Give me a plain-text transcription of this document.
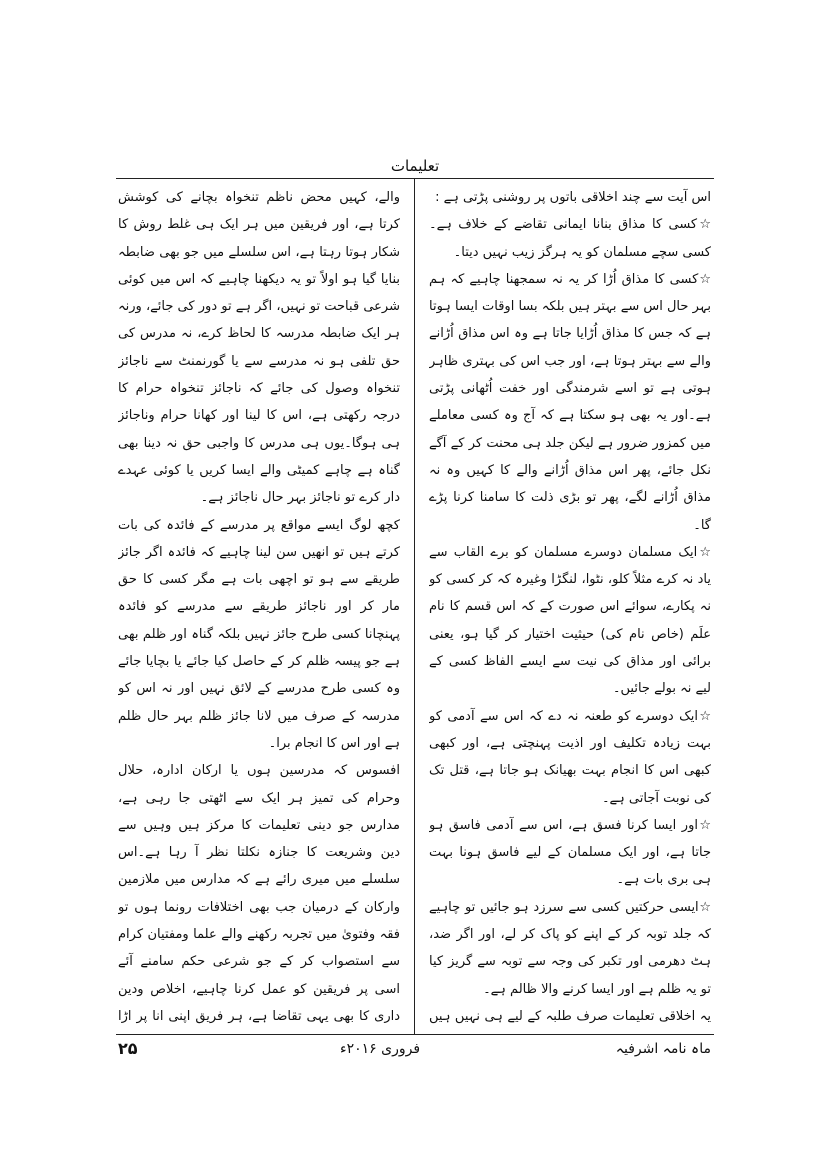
تعلیمات

اس آیت سے چند اخلاقی باتوں پر روشنی پڑتی ہے :

☆کسی کا مذاق بنانا ایمانی تقاضے کے خلاف ہے۔کسی سچے مسلمان کو یہ ہرگز زیب نہیں دیتا۔

☆کسی کا مذاق اُڑا کر یہ نہ سمجھنا چاہیے کہ ہم بہر حال اس سے بہتر ہیں بلکہ بسا اوقات ایسا ہوتا ہے کہ جس کا مذاق اُڑایا جاتا ہے وہ اس مذاق اُڑانے والے سے بہتر ہوتا ہے، اور جب اس کی بہتری ظاہر ہوتی ہے تو اسے شرمندگی اور خفت اُٹھانی پڑتی ہے۔اور یہ بھی ہو سکتا ہے کہ آج وہ کسی معاملے میں کمزور ضرور ہے لیکن جلد ہی محنت کر کے آگے نکل جائے، پھر اس مذاق اُڑانے والے کا کہیں وہ نہ مذاق اُڑانے لگے، پھر تو بڑی ذلت کا سامنا کرنا پڑے گا۔

☆ایک مسلمان دوسرے مسلمان کو برے القاب سے یاد نہ کرے مثلاً کلو، نٹوا، لنگڑا وغیرہ کہ کر کسی کو نہ پکارے، سوائے اس صورت کے کہ اس قسم کا نام علَم (خاص نام کی) حیثیت اختیار کر گیا ہو، یعنی برائی اور مذاق کی نیت سے ایسے الفاظ کسی کے لیے نہ بولے جائیں۔

☆ایک دوسرے کو طعنہ نہ دے کہ اس سے آدمی کو بہت زیادہ تکلیف اور اذیت پہنچتی ہے، اور کبھی کبھی اس کا انجام بہت بھیانک ہو جاتا ہے، قتل تک کی نوبت آجاتی ہے۔

☆اور ایسا کرنا فسق ہے، اس سے آدمی فاسق ہو جاتا ہے، اور ایک مسلمان کے لیے فاسق ہونا بہت ہی بری بات ہے۔

☆ایسی حرکتیں کسی سے سرزد ہو جائیں تو چاہیے کہ جلد توبہ کر کے اپنے کو پاک کر لے، اور اگر ضد، ہٹ دھرمی اور تکبر کی وجہ سے توبہ سے گریز کیا تو یہ ظلم ہے اور ایسا کرنے والا ظالم ہے۔

یہ اخلاقی تعلیمات صرف طلبہ کے لیے ہی نہیں ہیں

والے، کہیں محض ناظم تنخواہ بچانے کی کوشش کرتا ہے، اور فریقین میں ہر ایک ہی غلط روش کا شکار ہوتا رہتا ہے، اس سلسلے میں جو بھی ضابطہ بنایا گیا ہو اولاً تو یہ دیکھنا چاہیے کہ اس میں کوئی شرعی قباحت تو نہیں، اگر ہے تو دور کی جائے، ورنہ ہر ایک ضابطہ مدرسہ کا لحاظ کرے، نہ مدرس کی حق تلفی ہو نہ مدرسے سے یا گورنمنٹ سے ناجائز تنخواہ وصول کی جائے کہ ناجائز تنخواہ حرام کا درجہ رکھتی ہے، اس کا لینا اور کھانا حرام وناجائز ہی ہوگا۔یوں ہی مدرس کا واجبی حق نہ دینا بھی گناہ ہے چاہے کمیٹی والے ایسا کریں یا کوئی عہدے دار کرے تو ناجائز بہر حال ناجائز ہے۔

کچھ لوگ ایسے مواقع پر مدرسے کے فائدہ کی بات کرتے ہیں تو انھیں سن لینا چاہیے کہ فائدہ اگر جائز طریقے سے ہو تو اچھی بات ہے مگر کسی کا حق مار کر اور ناجائز طریقے سے مدرسے کو فائدہ پہنچانا کسی طرح جائز نہیں بلکہ گناہ اور ظلم بھی ہے جو پیسہ ظلم کر کے حاصل کیا جائے یا بچایا جائے وہ کسی طرح مدرسے کے لائق نہیں اور نہ اس کو مدرسہ کے صرف میں لانا جائز ظلم بہر حال ظلم ہے اور اس کا انجام برا۔

افسوس کہ مدرسین ہوں یا ارکان ادارہ، حلال وحرام کی تمیز ہر ایک سے اٹھتی جا رہی ہے، مدارس جو دینی تعلیمات کا مرکز ہیں وہیں سے دین وشریعت کا جنازہ نکلتا نظر آ رہا ہے۔اس سلسلے میں میری رائے ہے کہ مدارس میں ملازمین وارکان کے درمیان جب بھی اختلافات رونما ہوں تو فقہ وفتویٰ میں تجربہ رکھنے والے علما ومفتیان کرام سے استصواب کر کے جو شرعی حکم سامنے آئے اسی پر فریقین کو عمل کرنا چاہیے، اخلاص ودین داری کا بھی یہی تقاضا ہے، ہر فریق اپنی انا پر اڑا

ماہ نامہ اشرفیہ
فروری ۲۰۱۶ء
۲۵
